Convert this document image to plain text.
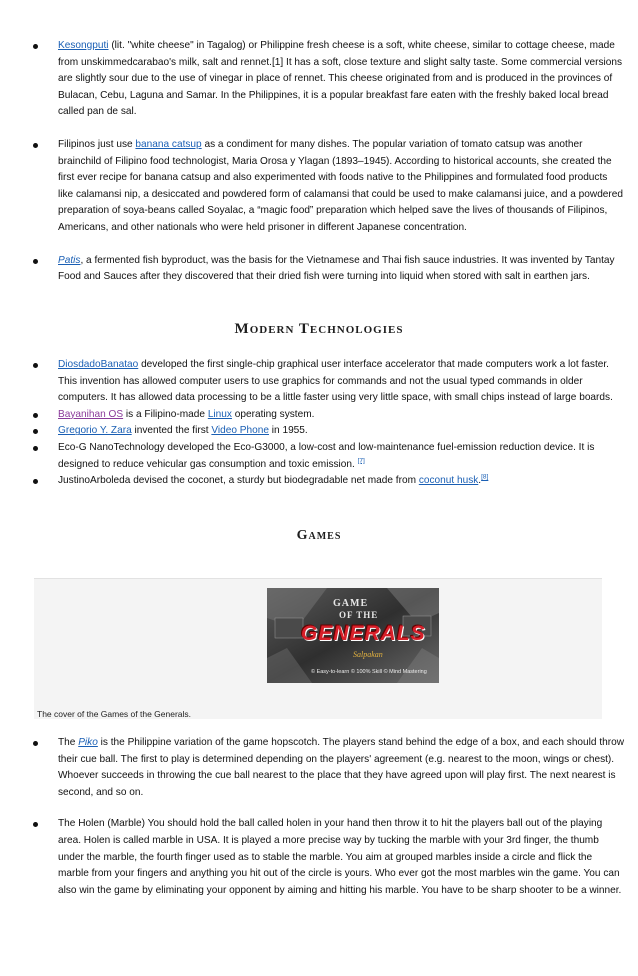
Kesongputi (lit. "white cheese" in Tagalog) or Philippine fresh cheese is a soft, white cheese, similar to cottage cheese, made from unskimmedcarabao's milk, salt and rennet.[1] It has a soft, close texture and slight salty taste. Some commercial versions are slightly sour due to the use of vinegar in place of rennet. This cheese originated from and is produced in the provinces of Bulacan, Cebu, Laguna and Samar. In the Philippines, it is a popular breakfast fare eaten with the freshly baked local bread called pan de sal.
Filipinos just use banana catsup as a condiment for many dishes. The popular variation of tomato catsup was another brainchild of Filipino food technologist, Maria Orosa y Ylagan (1893–1945). According to historical accounts, she created the first ever recipe for banana catsup and also experimented with foods native to the Philippines and formulated food products like calamansi nip, a desiccated and powdered form of calamansi that could be used to make calamansi juice, and a powdered preparation of soya-beans called Soyalac, a “magic food” preparation which helped save the lives of thousands of Filipinos, Americans, and other nationals who were held prisoner in different Japanese concentration.
Patis, a fermented fish byproduct, was the basis for the Vietnamese and Thai fish sauce industries. It was invented by Tantay Food and Sauces after they discovered that their dried fish were turning into liquid when stored with salt in earthen jars.
Modern Technologies
DiosdadoBanatao developed the first single-chip graphical user interface accelerator that made computers work a lot faster. This invention has allowed computer users to use graphics for commands and not the usual typed commands in older computers. It has allowed data processing to be a little faster using very little space, with small chips instead of large boards.
Bayanihan OS is a Filipino-made Linux operating system.
Gregorio Y. Zara invented the first Video Phone in 1955.
Eco-G NanoTechnology developed the Eco-G3000, a low-cost and low-maintenance fuel-emission reduction device. It is designed to reduce vehicular gas consumption and toxic emission. [7]
JustinoArboleda devised the coconet, a sturdy but biodegradable net made from coconut husk.[8]
Games
GAME
OF THE
GENERALS
Salpakan
© Easy-to-learn © 100% Skill © Mind Mastering
The cover of the Games of the Generals.
The Piko is the Philippine variation of the game hopscotch. The players stand behind the edge of a box, and each should throw their cue ball. The first to play is determined depending on the players' agreement (e.g. nearest to the moon, wings or chest). Whoever succeeds in throwing the cue ball nearest to the place that they have agreed upon will play first. The next nearest is second, and so on.
The Holen (Marble) You should hold the ball called holen in your hand then throw it to hit the players ball out of the playing area. Holen is called marble in USA. It is played a more precise way by tucking the marble with your 3rd finger, the thumb under the marble, the fourth finger used as to stable the marble. You aim at grouped marbles inside a circle and flick the marble from your fingers and anything you hit out of the circle is yours. Who ever got the most marbles win the game. You can also win the game by eliminating your opponent by aiming and hitting his marble. You have to be sharp shooter to be a winner.
